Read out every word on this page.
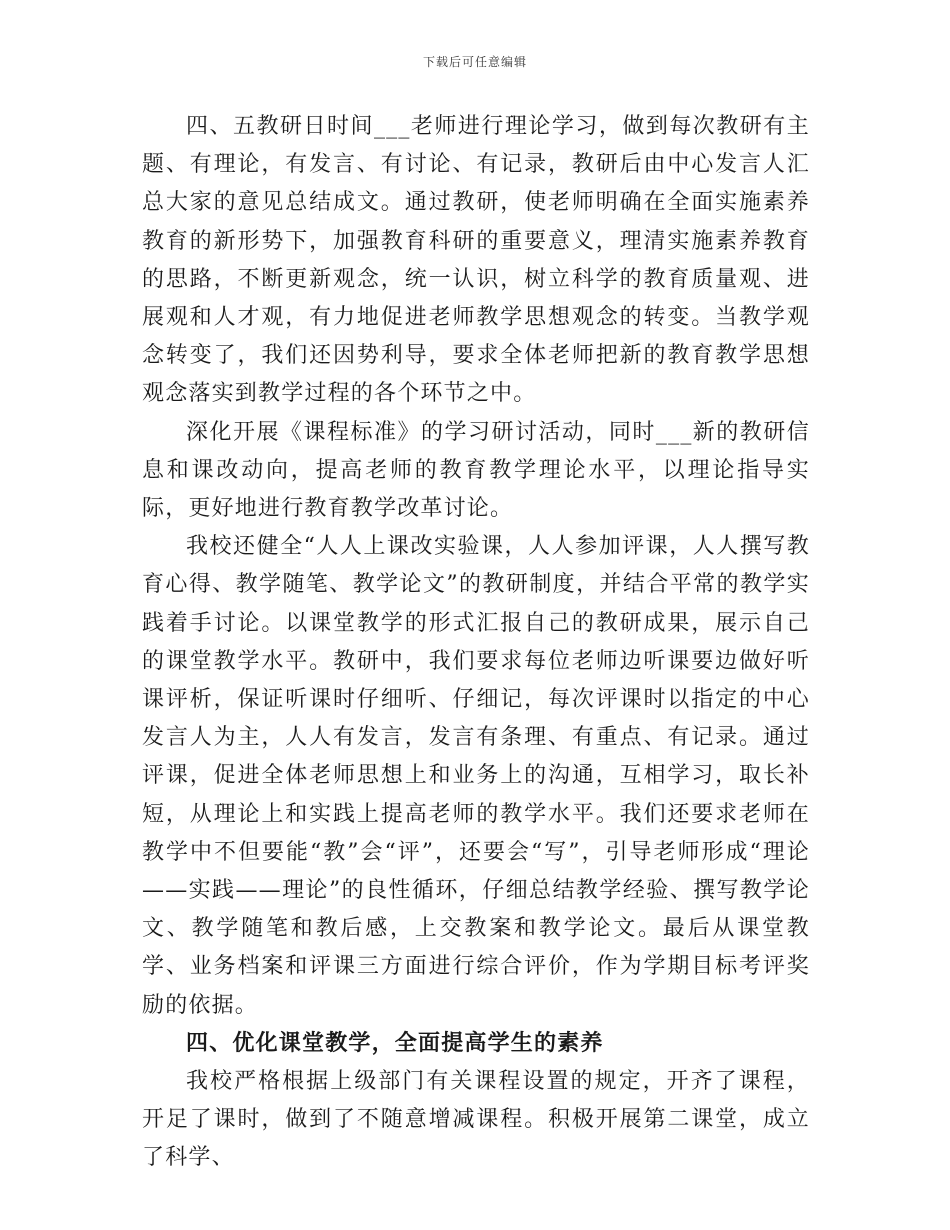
下载后可任意编辑

四、五教研日时间___老师进行理论学习，做到每次教研有主题、有理论，有发言、有讨论、有记录，教研后由中心发言人汇总大家的意见总结成文。通过教研，使老师明确在全面实施素养教育的新形势下，加强教育科研的重要意义，理清实施素养教育的思路，不断更新观念，统一认识，树立科学的教育质量观、进展观和人才观，有力地促进老师教学思想观念的转变。当教学观念转变了，我们还因势利导，要求全体老师把新的教育教学思想观念落实到教学过程的各个环节之中。

深化开展《课程标准》的学习研讨活动，同时___新的教研信息和课改动向，提高老师的教育教学理论水平，以理论指导实际，更好地进行教育教学改革讨论。

我校还健全“人人上课改实验课，人人参加评课，人人撰写教育心得、教学随笔、教学论文”的教研制度，并结合平常的教学实践着手讨论。以课堂教学的形式汇报自己的教研成果，展示自己的课堂教学水平。教研中，我们要求每位老师边听课要边做好听课评析，保证听课时仔细听、仔细记，每次评课时以指定的中心发言人为主，人人有发言，发言有条理、有重点、有记录。通过评课，促进全体老师思想上和业务上的沟通，互相学习，取长补短，从理论上和实践上提高老师的教学水平。我们还要求老师在教学中不但要能“教”会“评”，还要会“写”，引导老师形成“理论——实践——理论”的良性循环，仔细总结教学经验、撰写教学论文、教学随笔和教后感，上交教案和教学论文。最后从课堂教学、业务档案和评课三方面进行综合评价，作为学期目标考评奖励的依据。

四、优化课堂教学，全面提高学生的素养

我校严格根据上级部门有关课程设置的规定，开齐了课程，开足了课时，做到了不随意增减课程。积极开展第二课堂，成立了科学、
